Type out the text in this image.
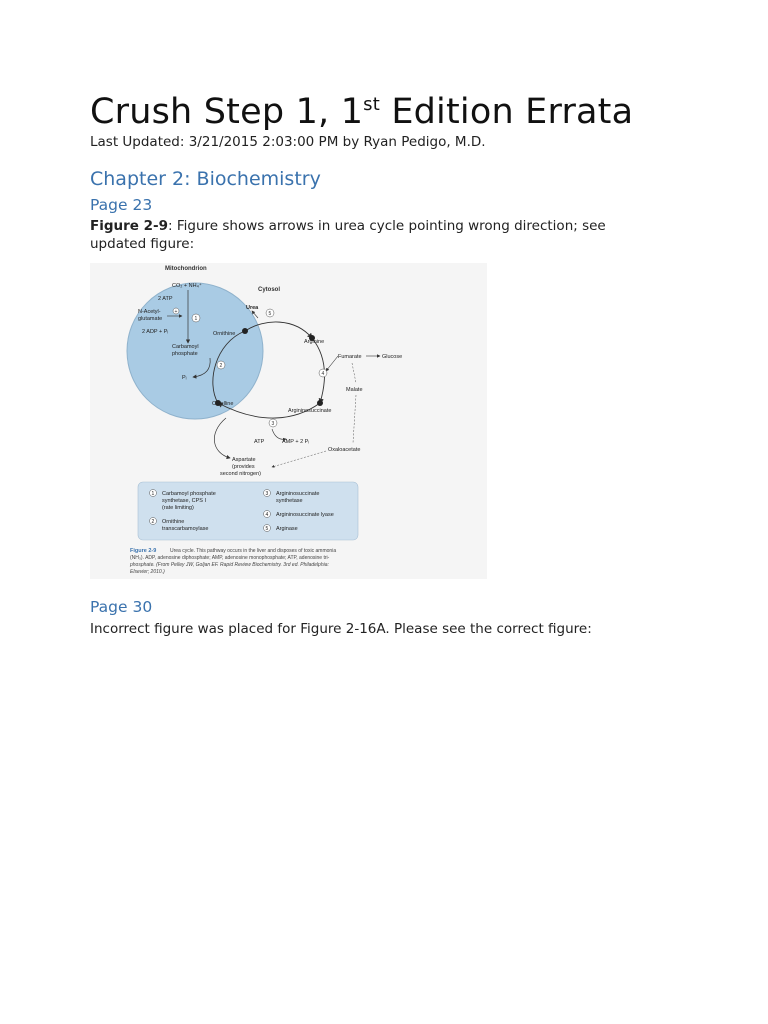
Crush Step 1, 1st Edition Errata
Last Updated: 3/21/2015 2:03:00 PM by Ryan Pedigo, M.D.
Chapter 2: Biochemistry
Page 23
Figure 2-9: Figure shows arrows in urea cycle pointing wrong direction; see updated figure:
Mitochondrion
Cytosol
CO₂ + NH₄⁺
2 ATP
N-Acetyl-
glutamate
+
2 ADP + Pᵢ
1
Carbamoyl
phosphate
Pᵢ
2
Ornithine
Citrulline
Urea
5
Arginine
Fumarate	Glucose
4
Malate
Argininosuccinate
3
ATP	AMP + 2 Pᵢ
Oxaloacetate
Aspartate
(provides
second nitrogen)
1 Carbamoyl phosphate
synthetase, CPS I
(rate limiting)
2 Ornithine
transcarbamoylase
3 Argininosuccinate
synthetase
4 Argininosuccinate lyase
5 Arginase
Figure 2-9	Urea cycle. This pathway occurs in the liver and disposes of toxic ammonia
(NH₃). ADP, adenosine diphosphate; AMP, adenosine monophosphate; ATP, adenosine tri-
phosphate. (From Pelley JW, Goljan EF. Rapid Review Biochemistry. 3rd ed. Philadelphia:
Elsevier; 2010.)
Page 30
Incorrect figure was placed for Figure 2-16A. Please see the correct figure:
